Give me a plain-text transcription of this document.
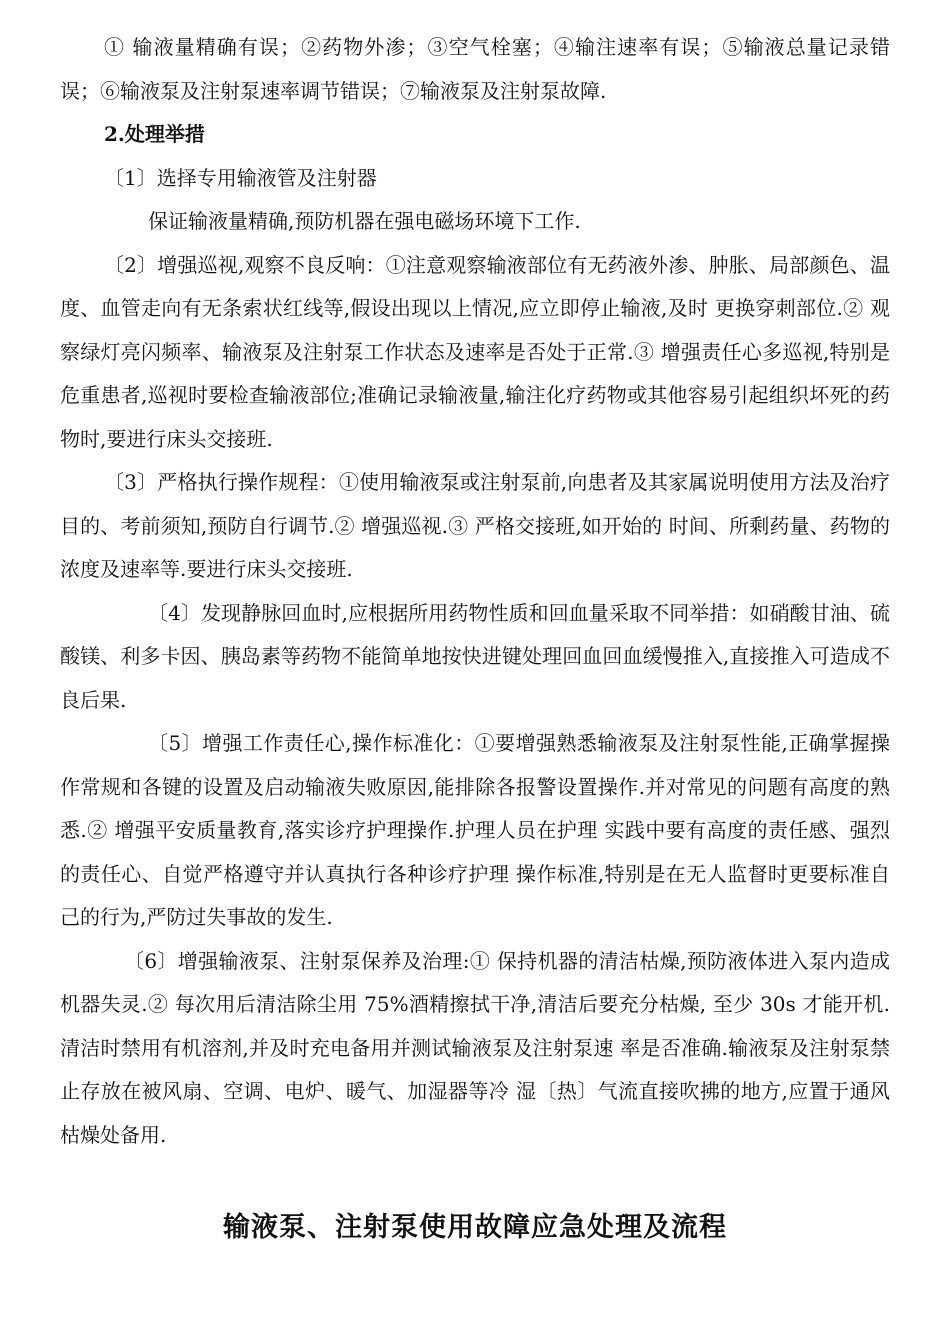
① 输液量精确有误；②药物外渗；③空气栓塞；④输注速率有误；⑤输液总量记录错误；⑥输液泵及注射泵速率调节错误；⑦输液泵及注射泵故障.

2.处理举措

〔1〕选择专用输液管及注射器

保证输液量精确,预防机器在强电磁场环境下工作.

〔2〕增强巡视,观察不良反响：①注意观察输液部位有无药液外渗、肿胀、局部颜色、温度、血管走向有无条索状红线等,假设出现以上情况,应立即停止输液,及时 更换穿刺部位.② 观察绿灯亮闪频率、输液泵及注射泵工作状态及速率是否处于正常.③ 增强责任心多巡视,特别是危重患者,巡视时要检查输液部位;准确记录输液量,输注化疗药物或其他容易引起组织坏死的药物时,要进行床头交接班.

〔3〕严格执行操作规程：①使用输液泵或注射泵前,向患者及其家属说明使用方法及治疗目的、考前须知,预防自行调节.② 增强巡视.③ 严格交接班,如开始的 时间、所剩药量、药物的浓度及速率等.要进行床头交接班.

〔4〕发现静脉回血时,应根据所用药物性质和回血量采取不同举措：如硝酸甘油、硫酸镁、利多卡因、胰岛素等药物不能简单地按快进键处理回血回血缓慢推入,直接推入可造成不良后果.

〔5〕增强工作责任心,操作标准化：①要增强熟悉输液泵及注射泵性能,正确掌握操作常规和各键的设置及启动输液失败原因,能排除各报警设置操作.并对常见的问题有高度的熟悉.② 增强平安质量教育,落实诊疗护理操作.护理人员在护理 实践中要有高度的责任感、强烈的责任心、自觉严格遵守并认真执行各种诊疗护理 操作标准,特别是在无人监督时更要标准自己的行为,严防过失事故的发生.

〔6〕增强输液泵、注射泵保养及治理:① 保持机器的清洁枯燥,预防液体进入泵内造成机器失灵.② 每次用后清洁除尘用 75%酒精擦拭干净,清洁后要充分枯燥, 至少 30s 才能开机.清洁时禁用有机溶剂,并及时充电备用并测试输液泵及注射泵速 率是否准确.输液泵及注射泵禁止存放在被风扇、空调、电炉、暖气、加湿器等冷 湿〔热〕气流直接吹拂的地方,应置于通风枯燥处备用.

输液泵、注射泵使用故障应急处理及流程
